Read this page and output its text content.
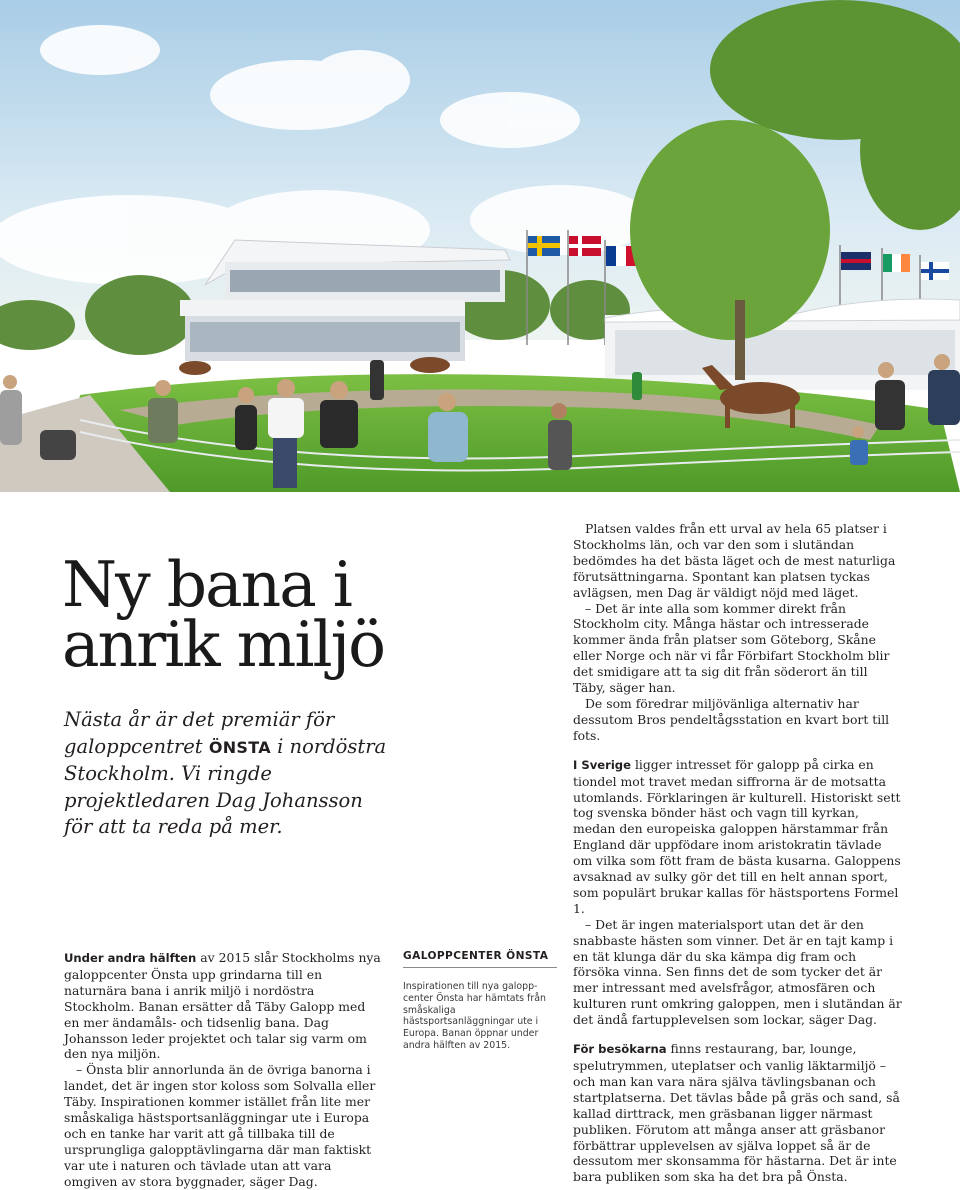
Ny bana i
anrik miljö
Nästa år är det premiär för galoppcentret ÖNSTA i nordöstra Stockholm. Vi ringde projektledaren Dag Johansson för att ta reda på mer.

Under andra hälften av 2015 slår Stockholms nya galoppcenter Önsta upp grindarna till en naturnära bana i anrik miljö i nordöstra Stockholm. Banan ersätter då Täby Galopp med en mer ändamåls- och tidsenlig bana. Dag Johansson leder projektet och talar sig varm om den nya miljön.

– Önsta blir annorlunda än de övriga banorna i landet, det är ingen stor koloss som Solvalla eller Täby. Inspirationen kommer istället från lite mer småskaliga hästsportsanläggningar ute i Europa och en tanke har varit att gå tillbaka till de ursprungliga galopptävlingarna där man faktiskt var ute i naturen och tävlade utan att vara omgiven av stora byggnader, säger Dag.

GALOPPCENTER ÖNSTA
Inspirationen till nya galopp-center Önsta har hämtats från småskaliga hästsportsanläggningar ute i Europa. Banan öppnar under andra hälften av 2015.

Platsen valdes från ett urval av hela 65 platser i Stockholms län, och var den som i slutändan bedömdes ha det bästa läget och de mest naturliga förutsättningarna. Spontant kan platsen tyckas avlägsen, men Dag är väldigt nöjd med läget.

– Det är inte alla som kommer direkt från Stockholm city. Många hästar och intresserade kommer ända från platser som Göteborg, Skåne eller Norge och när vi får Förbifart Stockholm blir det smidigare att ta sig dit från söderort än till Täby, säger han.

De som föredrar miljövänliga alternativ har dessutom Bros pendeltågsstation en kvart bort till fots.

I Sverige ligger intresset för galopp på cirka en tiondel mot travet medan siffrorna är de motsatta utomlands. Förklaringen är kulturell. Historiskt sett tog svenska bönder häst och vagn till kyrkan, medan den europeiska galoppen härstammar från England där uppfödare inom aristokratin tävlade om vilka som fött fram de bästa kusarna. Galoppens avsaknad av sulky gör det till en helt annan sport, som populärt brukar kallas för hästsportens Formel 1.

– Det är ingen materialsport utan det är den snabbaste hästen som vinner. Det är en tajt kamp i en tät klunga där du ska kämpa dig fram och försöka vinna. Sen finns det de som tycker det är mer intressant med avelsfrågor, atmosfären och kulturen runt omkring galoppen, men i slutändan är det ändå fartupplevelsen som lockar, säger Dag.

För besökarna finns restaurang, bar, lounge, spelutrymmen, uteplatser och vanlig läktarmiljö – och man kan vara nära själva tävlingsbanan och startplatserna. Det tävlas både på gräs och sand, så kallad dirttrack, men gräsbanan ligger närmast publiken. Förutom att många anser att gräsbanor förbättrar upplevelsen av själva loppet så är de dessutom mer skonsamma för hästarna. Det är inte bara publiken som ska ha det bra på Önsta.
